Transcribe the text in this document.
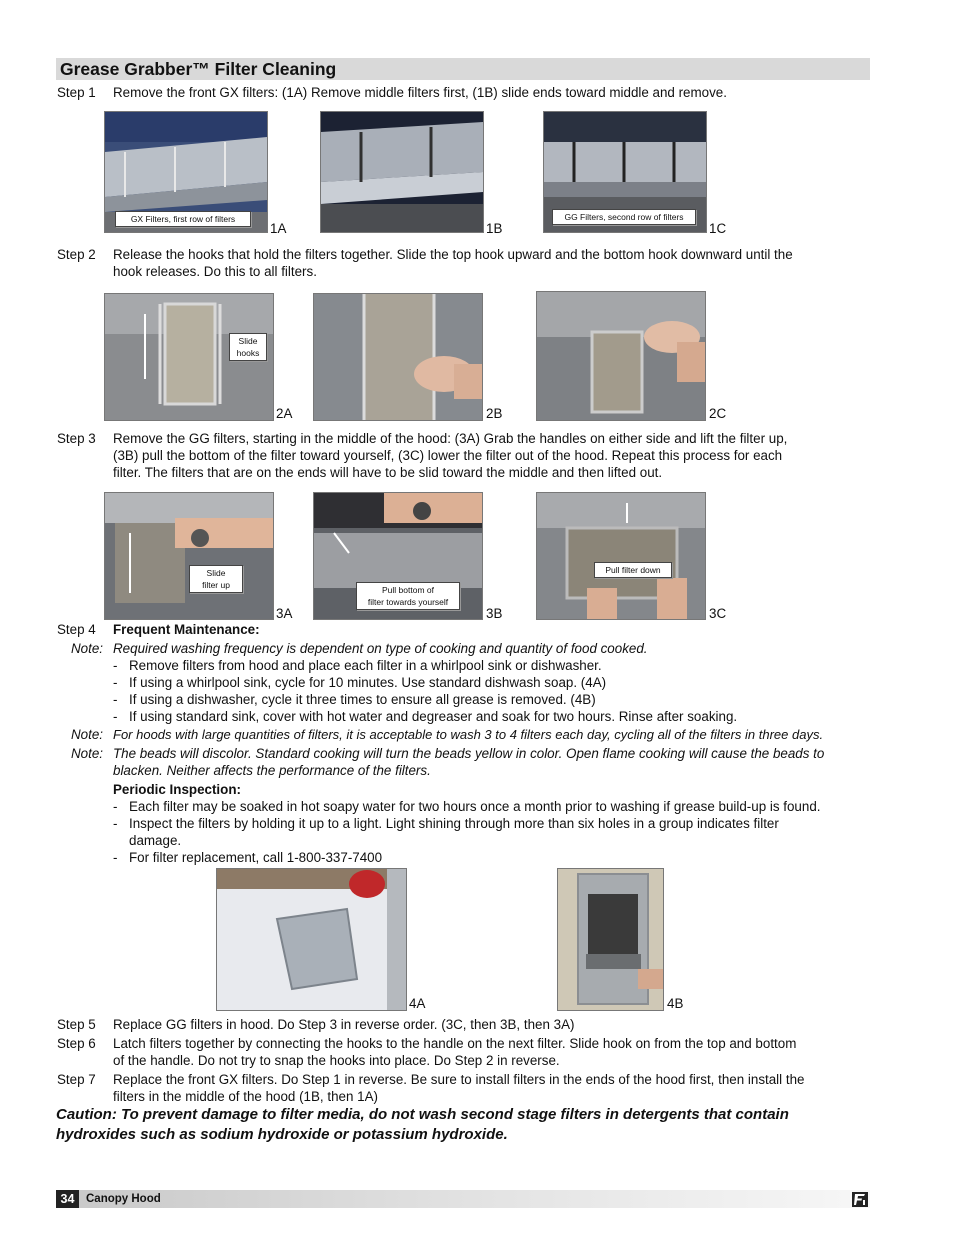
Grease Grabber™ Filter Cleaning
Step 1 Remove the front GX filters: (1A) Remove middle filters first, (1B) slide ends toward middle and remove.
GX Filters, first row of filters
1A	1B
GG Filters, second row of filters
1C
Step 2 Release the hooks that hold the filters together. Slide the top hook upward and the bottom hook downward until the
hook releases. Do this to all filters.
Slide
hooks
2A	2B	2C
Step 3 Remove the GG filters, starting in the middle of the hood: (3A) Grab the handles on either side and lift the filter up,
(3B) pull the bottom of the filter toward yourself, (3C) lower the filter out of the hood. Repeat this process for each
filter. The filters that are on the ends will have to be slid toward the middle and then lifted out.
Slide
filter up
3A
Pull bottom of
filter towards yourself
3B
Pull filter down
3C
Step 4 Frequent Maintenance:
Note: Required washing frequency is dependent on type of cooking and quantity of food cooked.
- Remove filters from hood and place each filter in a whirlpool sink or dishwasher.
- If using a whirlpool sink, cycle for 10 minutes. Use standard dishwash soap. (4A)
- If using a dishwasher, cycle it three times to ensure all grease is removed. (4B)
- If using standard sink, cover with hot water and degreaser and soak for two hours. Rinse after soaking.
Note: For hoods with large quantities of filters, it is acceptable to wash 3 to 4 filters each day, cycling all of the filters in three days.
Note: The beads will discolor. Standard cooking will turn the beads yellow in color. Open flame cooking will cause the beads to
blacken. Neither affects the performance of the filters.
Periodic Inspection:
- Each filter may be soaked in hot soapy water for two hours once a month prior to washing if grease build-up is found.
- Inspect the filters by holding it up to a light. Light shining through more than six holes in a group indicates filter
damage.
- For filter replacement, call 1-800-337-7400
4A	4B
Step 5 Replace GG filters in hood. Do Step 3 in reverse order. (3C, then 3B, then 3A)
Step 6 Latch filters together by connecting the hooks to the handle on the next filter. Slide hook on from the top and bottom
of the handle. Do not try to snap the hooks into place. Do Step 2 in reverse.
Step 7 Replace the front GX filters. Do Step 1 in reverse. Be sure to install filters in the ends of the hood first, then install the
filters in the middle of the hood (1B, then 1A)
Caution: To prevent damage to filter media, do not wash second stage filters in detergents that contain
hydroxides such as sodium hydroxide or potassium hydroxide.
34	Canopy Hood
